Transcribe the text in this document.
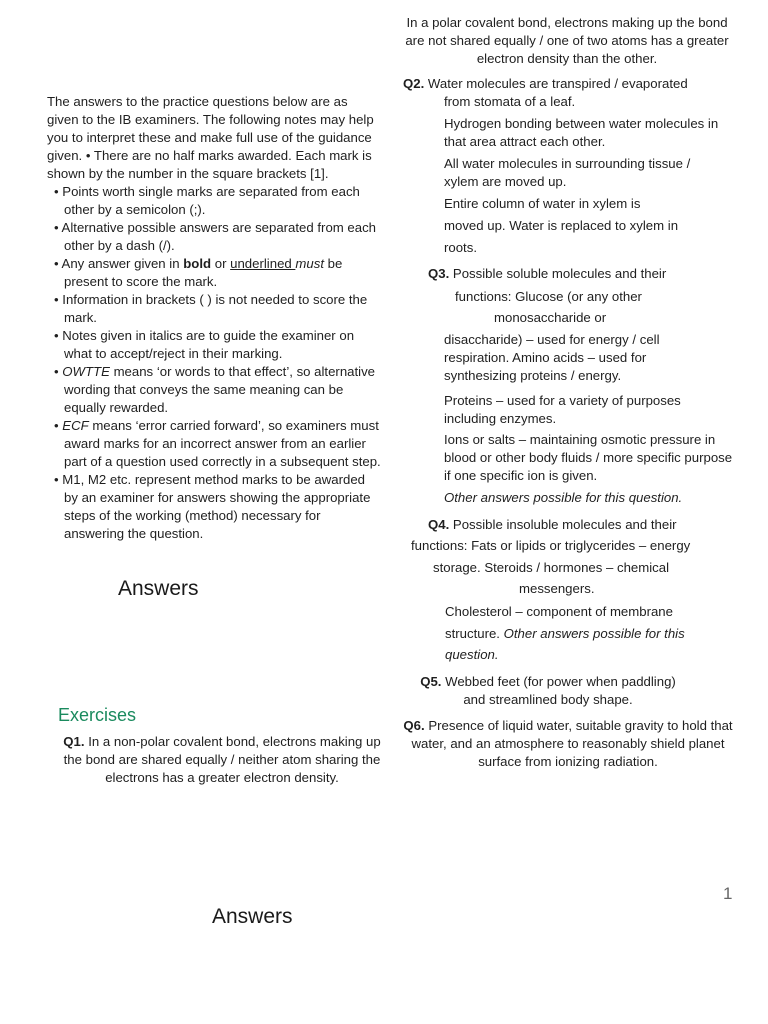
The answers to the practice questions below are as given to the IB examiners. The following notes may help you to interpret these and make full use of the guidance given. • There are no half marks awarded. Each mark is shown by the number in the square brackets [1].

• Points worth single marks are separated from each other by a semicolon (;).

• Alternative possible answers are separated from each other by a dash (/).

• Any answer given in bold or underlined must be present to score the mark.

• Information in brackets ( ) is not needed to score the mark.

• Notes given in italics are to guide the examiner on what to accept/reject in their marking.

• OWTTE means ‘or words to that effect’, so alternative wording that conveys the same meaning can be equally rewarded.

• ECF means ‘error carried forward’, so examiners must award marks for an incorrect answer from an earlier part of a question used correctly in a subsequent step.

• M1, M2 etc. represent method marks to be awarded by an examiner for answers showing the appropriate steps of the working (method) necessary for answering the question.

Answers
Exercises

Q1. In a non-polar covalent bond, electrons making up the bond are shared equally / neither atom sharing the electrons has a greater electron density.

Answers

In a polar covalent bond, electrons making up the bond are not shared equally / one of two atoms has a greater electron density than the other.

Q2. Water molecules are transpired / evaporated

from stomata of a leaf.

Hydrogen bonding between water molecules in that area attract each other.

All water molecules in surrounding tissue / xylem are moved up.

Entire column of water in xylem is

moved up. Water is replaced to xylem in

roots.

Q3. Possible soluble molecules and their

functions: Glucose (or any other

monosaccharide or

disaccharide) – used for energy / cell respiration. Amino acids – used for synthesizing proteins / energy.

Proteins – used for a variety of purposes including enzymes.

Ions or salts – maintaining osmotic pressure in blood or other body fluids / more specific purpose if one specific ion is given.

Other answers possible for this question.

Q4. Possible insoluble molecules and their

functions: Fats or lipids or triglycerides – energy

storage. Steroids / hormones – chemical

messengers.

Cholesterol – component of membrane

structure. Other answers possible for this

question.

Q5. Webbed feet (for power when paddling) and streamlined body shape.

Q6. Presence of liquid water, suitable gravity to hold that water, and an atmosphere to reasonably shield planet surface from ionizing radiation.

1
